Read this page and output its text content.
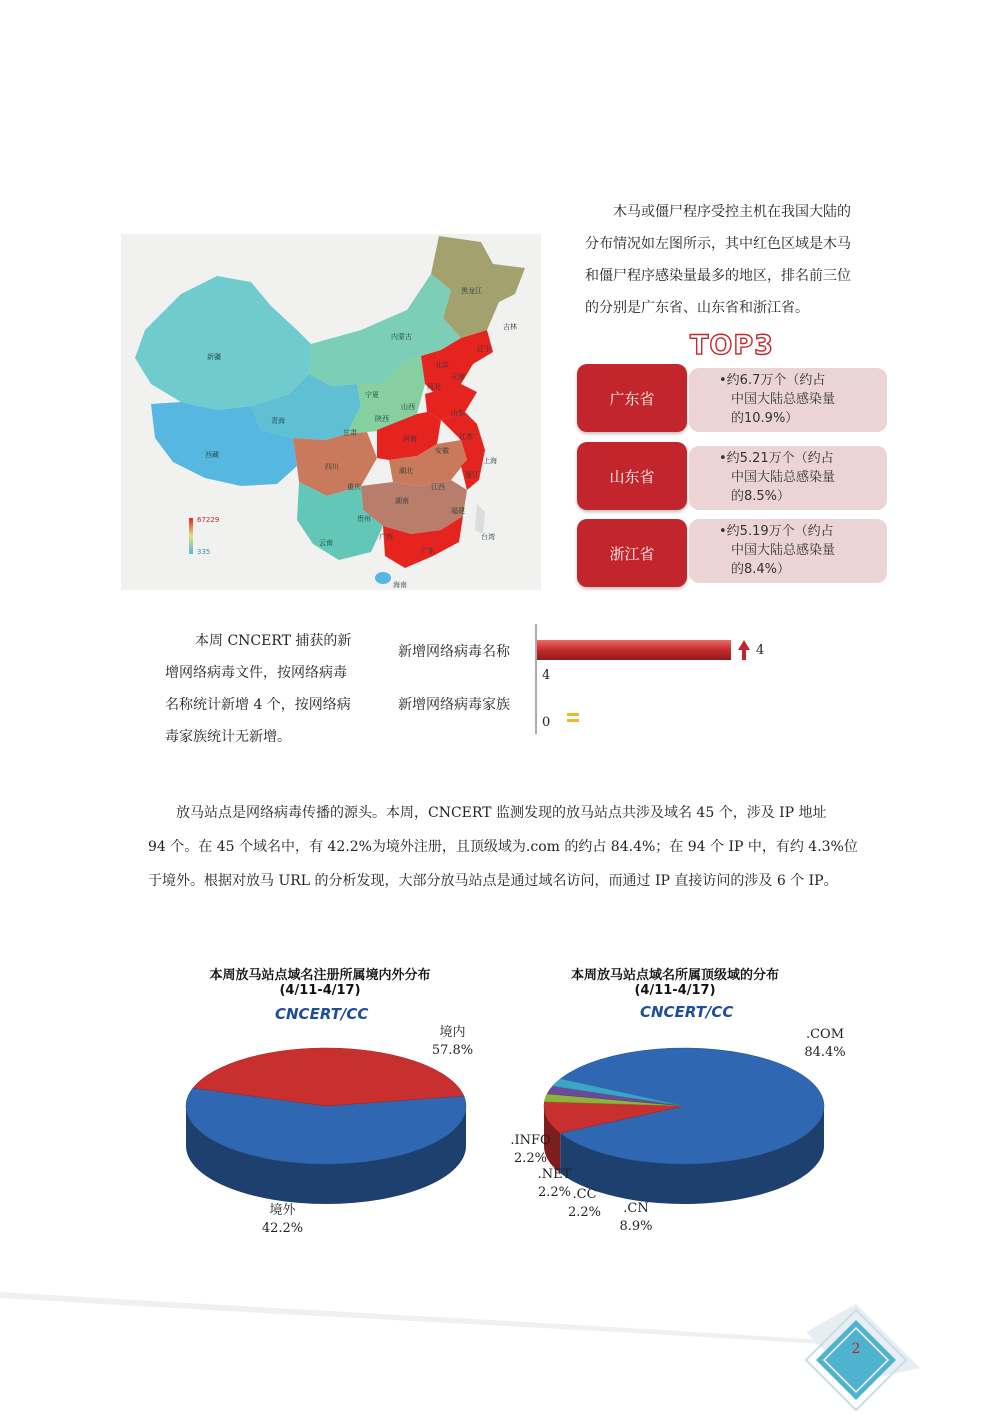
木马或僵尸程序受控主机在我国大陆的
分布情况如左图所示，其中红色区域是木马
和僵尸程序感染量最多的地区，排名前三位
的分别是广东省、山东省和浙江省。
67229
335
黑龙江
吉林
辽宁
内蒙古
北京
天津
新疆
宁夏
河北
山西
山东
甘肃
青海	陕西
河南	江苏
上海
安徽
西藏
四川	湖北	浙江
重庆	江西
湖南
福建
贵州
台湾
云南
广西
广东
海南
TOP3
广东省
•约6.7万个（约占
中国大陆总感染量
的10.9%）
山东省
•约5.21万个（约占
中国大陆总感染量
的8.5%）
浙江省
•约5.19万个（约占
中国大陆总感染量
的8.4%）
本周 CNCERT 捕获的新
增网络病毒文件，按网络病毒
名称统计新增 4 个，按网络病
毒家族统计无新增。
新增网络病毒名称
新增网络病毒家族
4
4
0
放马站点是网络病毒传播的源头。本周，CNCERT 监测发现的放马站点共涉及域名 45 个，涉及 IP 地址
94 个。在 45 个域名中，有 42.2%为境外注册，且顶级域为.com 的约占 84.4%；在 94 个 IP 中，有约 4.3%位
于境外。根据对放马 URL 的分析发现，大部分放马站点是通过域名访问，而通过 IP 直接访问的涉及 6 个 IP。
本周放马站点域名注册所属境内外分布
(4/11-4/17)
CNCERT/CC
境内
57.8%
境外
42.2%
本周放马站点域名所属顶级域的分布
(4/11-4/17)
CNCERT/CC
.COM
84.4%
.CN
8.9%
.CC
2.2%
.NET
2.2%
.INFO
2.2%
2
